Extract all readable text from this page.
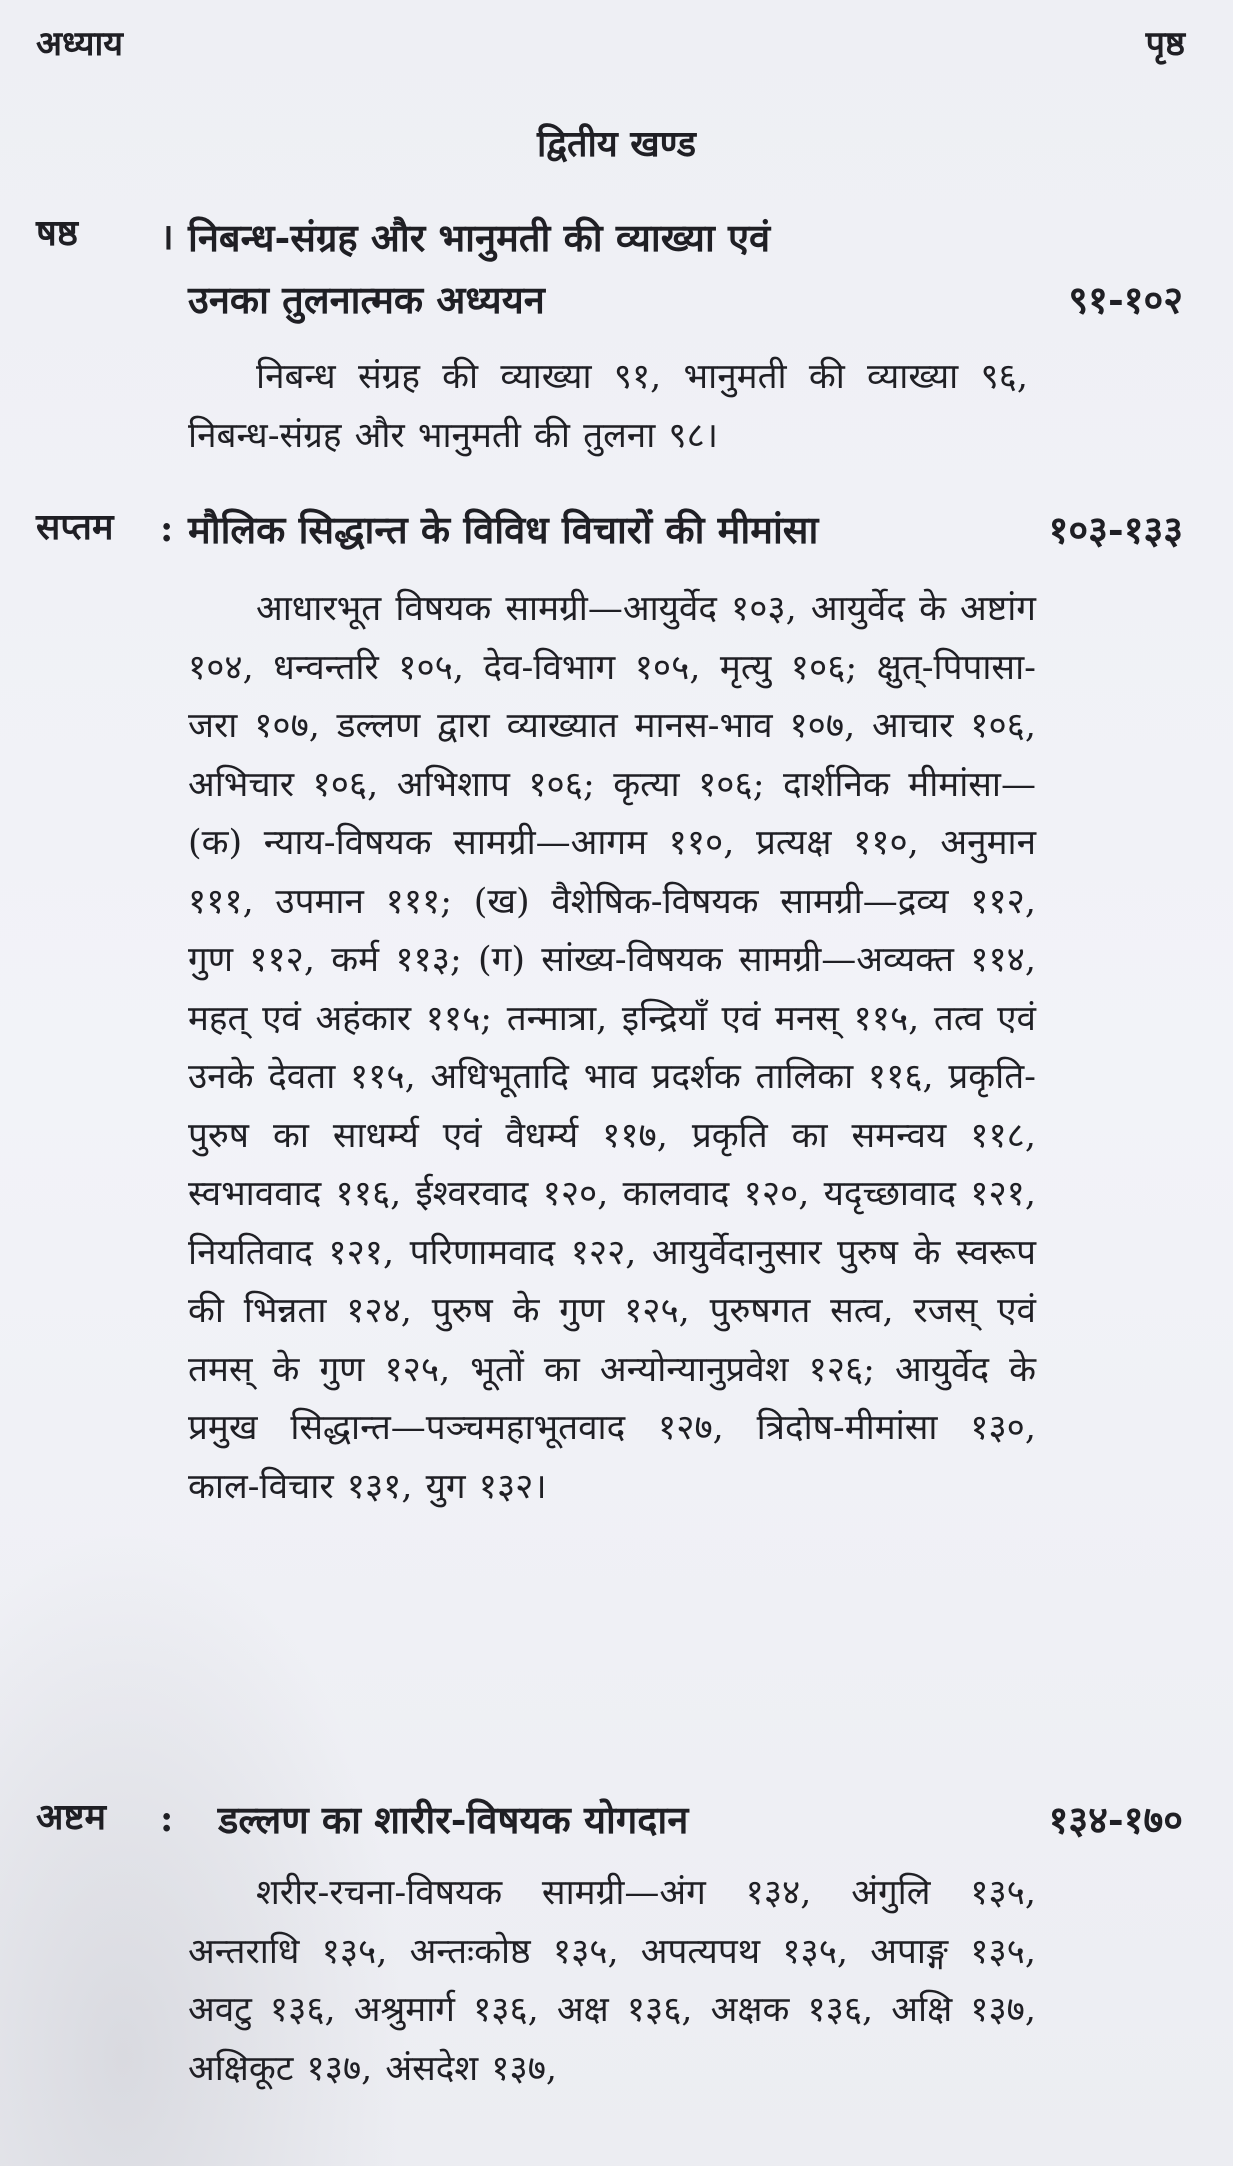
अध्याय	पृष्ठ
द्वितीय खण्ड
षष्ठ । निबन्ध-संग्रह और भानुमती की व्याख्या एवं
उनका तुलनात्मक अध्ययन	९१-१०२
निबन्ध संग्रह की व्याख्या ९१, भानुमती की व्याख्या ९६, निबन्ध-संग्रह और भानुमती की तुलना ९८।
सप्तम : मौलिक सिद्धान्त के विविध विचारों की मीमांसा	१०३-१३३
आधारभूत विषयक सामग्री—आयुर्वेद १०३, आयुर्वेद के अष्टांग १०४, धन्वन्तरि १०५, देव-विभाग १०५, मृत्यु १०६; क्षुत्-पिपासा-जरा १०७, डल्लण द्वारा व्याख्यात मानस-भाव १०७, आचार १०६, अभिचार १०६, अभिशाप १०६; कृत्या १०६; दार्शनिक मीमांसा—(क) न्याय-विषयक सामग्री—आगम ११०, प्रत्यक्ष ११०, अनुमान १११, उपमान १११; (ख) वैशेषिक-विषयक सामग्री—द्रव्य ११२, गुण ११२, कर्म ११३; (ग) सांख्य-विषयक सामग्री—अव्यक्त ११४, महत् एवं अहंकार ११५; तन्मात्रा, इन्द्रियाँ एवं मनस् ११५, तत्व एवं उनके देवता ११५, अधिभूतादि भाव प्रदर्शक तालिका ११६, प्रकृति-पुरुष का साधर्म्य एवं वैधर्म्य ११७, प्रकृति का समन्वय ११८, स्वभाववाद ११६, ईश्वरवाद १२०, कालवाद १२०, यदृच्छावाद १२१, नियतिवाद १२१, परिणामवाद १२२, आयुर्वेदानुसार पुरुष के स्वरूप की भिन्नता १२४, पुरुष के गुण १२५, पुरुषगत सत्व, रजस् एवं तमस् के गुण १२५, भूतों का अन्योन्यानुप्रवेश १२६; आयुर्वेद के प्रमुख सिद्धान्त—पञ्चमहाभूतवाद १२७, त्रिदोष-मीमांसा १३०, काल-विचार १३१, युग १३२।
अष्टम : डल्लण का शारीर-विषयक योगदान	१३४-१७०
शरीर-रचना-विषयक सामग्री—अंग १३४, अंगुलि १३५, अन्तराधि १३५, अन्तःकोष्ठ १३५, अपत्यपथ १३५, अपाङ्ग १३५, अवटु १३६, अश्रुमार्ग १३६, अक्ष १३६, अक्षक १३६, अक्षि १३७, अक्षिकूट १३७, अंसदेश १३७,
